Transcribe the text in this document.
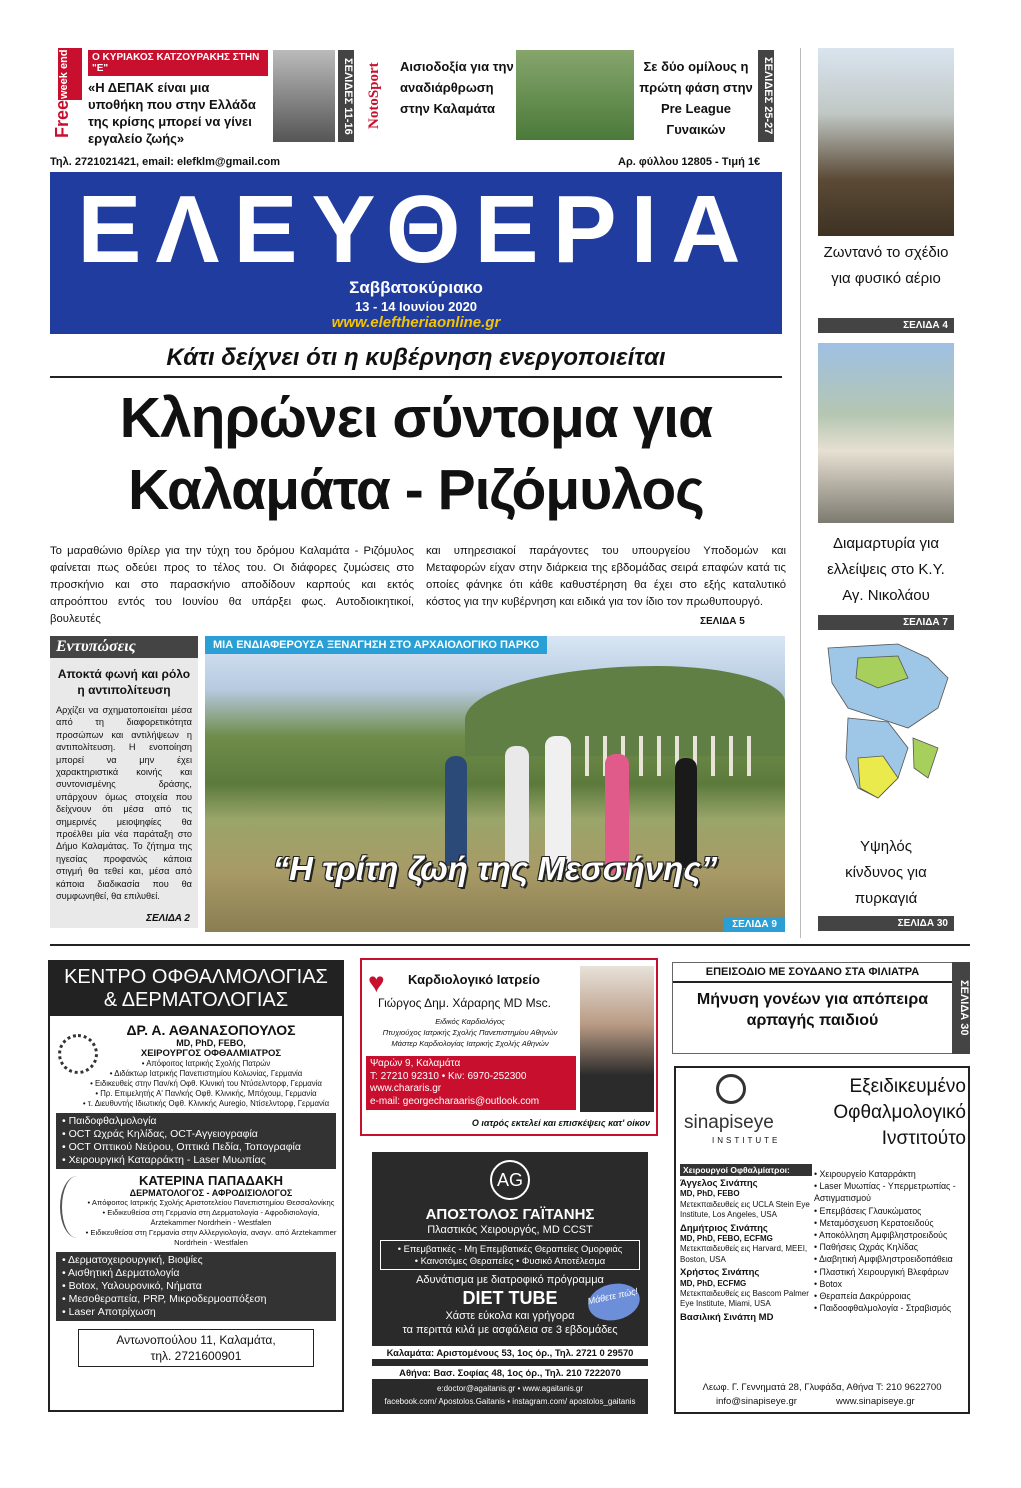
week end
Free
Ο ΚΥΡΙΑΚΟΣ ΚΑΤΖΟΥΡΑΚΗΣ ΣΤΗΝ "Ε"
«Η ΔΕΠΑΚ είναι μια υποθήκη που στην Ελλάδα της κρίσης μπορεί να γίνει εργαλείο ζωής»
ΣΕΛΙΔΕΣ 11-16 NotoSport	Αισιοδοξία για την αναδιάρθρωση στην Καλαμάτα
Σε δύο ομίλους η πρώτη φάση στην Pre League Γυναικών	ΣΕΛΙΔΕΣ 25-27
Τηλ. 2721021421, email: elefklm@gmail.com	Αρ. φύλλου 12805 - Τιμή 1€
ΕΛΕΥΘΕΡΙΑ
Σαββατοκύριακο
13 - 14 Ιουνίου 2020
www.eleftheriaonline.gr
Ζωντανό το σχέδιο για φυσικό αέριο
ΣΕΛΙΔΑ 4
Διαμαρτυρία για ελλείψεις στο Κ.Υ. Αγ. Νικολάου
ΣΕΛΙΔΑ 7
Υψηλός κίνδυνος για πυρκαγιά
ΣΕΛΙΔΑ 30
Κάτι δείχνει ότι η κυβέρνηση ενεργοποιείται
Κληρώνει σύντομα για
Καλαμάτα - Ριζόμυλος
Το μαραθώνιο θρίλερ για την τύχη του δρόμου Καλαμάτα - Ριζόμυλος φαίνεται πως οδεύει προς το τέλος του. Οι διάφορες ζυμώσεις στο προσκήνιο και στο παρασκήνιο αποδίδουν καρπούς και εκτός απροόπτου εντός του Ιουνίου θα υπάρξει φως. Αυτοδιοικητικοί, βουλευτές
και υπηρεσιακοί παράγοντες του υπουργείου Υποδομών και Μεταφορών είχαν στην διάρκεια της εβδομάδας σειρά επαφών κατά τις οποίες φάνηκε ότι κάθε καθυστέρηση θα έχει στο εξής καταλυτικό κόστος για την κυβέρνηση και ειδικά για τον ίδιο τον πρωθυπουργό.
ΣΕΛΙΔΑ 5
Εντυπώσεις
Αποκτά φωνή και ρόλο η αντιπολίτευση
Αρχίζει να σχηματοποιείται μέσα από τη διαφορετικότητα προσώπων και αντιλήψεων η αντιπολίτευση. Η ενοποίηση μπορεί να μην έχει χαρακτηριστικά κοινής και συντονισμένης δράσης, υπάρχουν όμως στοιχεία που δείχνουν ότι μέσα από τις σημερινές μειοψηφίες θα προέλθει μία νέα παράταξη στο Δήμο Καλαμάτας. Το ζήτημα της ηγεσίας προφανώς κάποια στιγμή θα τεθεί και, μέσα από κάποια διαδικασία που θα συμφωνηθεί, θα επιλυθεί.
ΣΕΛΙΔΑ 2
ΜΙΑ ΕΝΔΙΑΦΕΡΟΥΣΑ ΞΕΝΑΓΗΣΗ ΣΤΟ ΑΡΧΑΙΟΛΟΓΙΚΟ ΠΑΡΚΟ
“Η τρίτη ζωή της Μεσσήνης”
ΣΕΛΙΔΑ 9
ΚΕΝΤΡΟ ΟΦΘΑΛΜΟΛΟΓΙΑΣ
& ΔΕΡΜΑΤΟΛΟΓΙΑΣ
ΔΡ. Α. ΑΘΑΝΑΣΟΠΟΥΛΟΣ
MD, PhD, FEBO,
ΧΕΙΡΟΥΡΓΟΣ ΟΦΘΑΛΜΙΑΤΡΟΣ
• Απόφοιτος Ιατρικής Σχολής Πατρών
• Διδάκτωρ Ιατρικής Πανεπιστημίου Κολωνίας, Γερμανία
• Ειδικευθείς στην Παν/κή Οφθ. Κλινική του Ντύσελντορφ, Γερμανία
• Πρ. Επιμελητής Α' Παν/κής Οφθ. Κλινικής, Μπόχουμ, Γερμανία
• τ. Διευθυντής Ιδιωτικής Οφθ. Κλινικής Auregio, Ντίσελντορφ, Γερμανία
• Παιδοφθαλμολογία
• OCT Ωχράς Κηλίδας, OCT-Αγγειογραφία
• OCT Οπτικού Νεύρου, Οπτικά Πεδία, Τοπογραφία
• Χειρουργική Καταρράκτη - Laser Μυωπίας
ΚΑΤΕΡΙΝΑ ΠΑΠΑΔΑΚΗ
ΔΕΡΜΑΤΟΛΟΓΟΣ - ΑΦΡΟΔΙΣΙΟΛΟΓΟΣ
• Απόφοιτος Ιατρικής Σχολής Αριστοτελείου Πανεπιστημίου Θεσσαλονίκης
• Ειδικευθείσα στη Γερμανία στη Δερματολογία - Αφροδισιολογία, Ärztekammer Nordrhein - Westfalen
• Ειδικευθείσα στη Γερμανία στην Αλλεργιολογία, αναγν. από Ärztekammer Nordrhein - Westfalen
• Δερματοχειρουργική, Βιοψίες
• Αισθητική Δερματολογία
• Botox, Υαλουρονικό, Νήματα
• Μεσοθεραπεία, PRP, Μικροδερμοαπόξεση
• Laser Αποτρίχωση
Αντωνοπούλου 11, Καλαμάτα,
τηλ. 2721600901
♥	Καρδιολογικό Ιατρείο
Γιώργος Δημ. Χάραρης MD Msc.
Ειδικός Καρδιολόγος
Πτυχιούχος Ιατρικής Σχολής Πανεπιστημίου Αθηνών
Μάστερ Καρδιολογίας Ιατρικής Σχολής Αθηνών
Ψαρών 9, Καλαμάτα
Τ: 27210 92310 • Κιν: 6970-252300
www.chararis.gr
e-mail: georgecharaaris@outlook.com
Ο ιατρός εκτελεί και επισκέψεις κατ' οίκον
AG
ΑΠΟΣΤΟΛΟΣ ΓΑΪΤΑΝΗΣ
Πλαστικός Χειρουργός, MD CCST
• Επεμβατικές - Μη Επεμβατικές Θεραπείες Ομορφιάς
• Καινοτόμες Θεραπείες • Φυσικό Αποτέλεσμα
Αδυνάτισμα με διατροφικό πρόγραμμα
DIET TUBE
Χάστε εύκολα και γρήγορα
τα περιττά κιλά με ασφάλεια σε 3 εβδομάδες
Μάθετε πώς!
Καλαμάτα: Αριστομένους 53, 1ος όρ., Τηλ. 2721 0 29570
Αθήνα: Βασ. Σοφίας 48, 1ος όρ., Τηλ. 210 7222070
e:doctor@agaitanis.gr • www.agaitanis.gr
facebook.com/ Apostolos.Gaitanis • instagram.com/ apostolos_gaitanis
ΕΠΕΙΣΟΔΙΟ ΜΕ ΣΟΥΔΑΝΟ ΣΤΑ ΦΙΛΙΑΤΡΑ
Μήνυση γονέων για απόπειρα αρπαγής παιδιού	ΣΕΛΙΔΑ 30
sinapiseye
INSTITUTE
Εξειδικευμένο
Οφθαλμολογικό
Ινστιτούτο
Χειρουργοί Οφθαλμίατροι:
Άγγελος Σινάπης
MD, PhD, FEBO
Μετεκπαιδευθείς εις UCLA Stein Eye Institute, Los Angeles, USA
Δημήτριος Σινάπης
MD, PhD, FEBO, ECFMG
Μετεκπαιδευθείς εις Harvard, MEEI, Boston, USA
Χρήστος Σινάπης
MD, PhD, ECFMG
Μετεκπαιδευθείς εις Bascom Palmer Eye Institute, Miami, USA
Βασιλική Σινάπη MD
• Χειρουργείο Καταρράκτη
• Laser Μυωπίας - Υπερμετρωπίας - Αστιγματισμού
• Επεμβάσεις Γλαυκώματος
• Μεταμόσχευση Κερατοειδούς
• Αποκόλληση Αμφιβληστροειδούς
• Παθήσεις Ωχράς Κηλίδας
• Διαβητική Αμφιβληστροειδοπάθεια
• Πλαστική Χειρουργική Βλεφάρων
• Botox
• Θεραπεία Δακρύρροιας
• Παιδοοφθαλμολογία - Στραβισμός
Λεωφ. Γ. Γεννηματά 28, Γλυφάδα, Αθήνα Τ: 210 9622700
info@sinapiseye.gr	www.sinapiseye.gr
